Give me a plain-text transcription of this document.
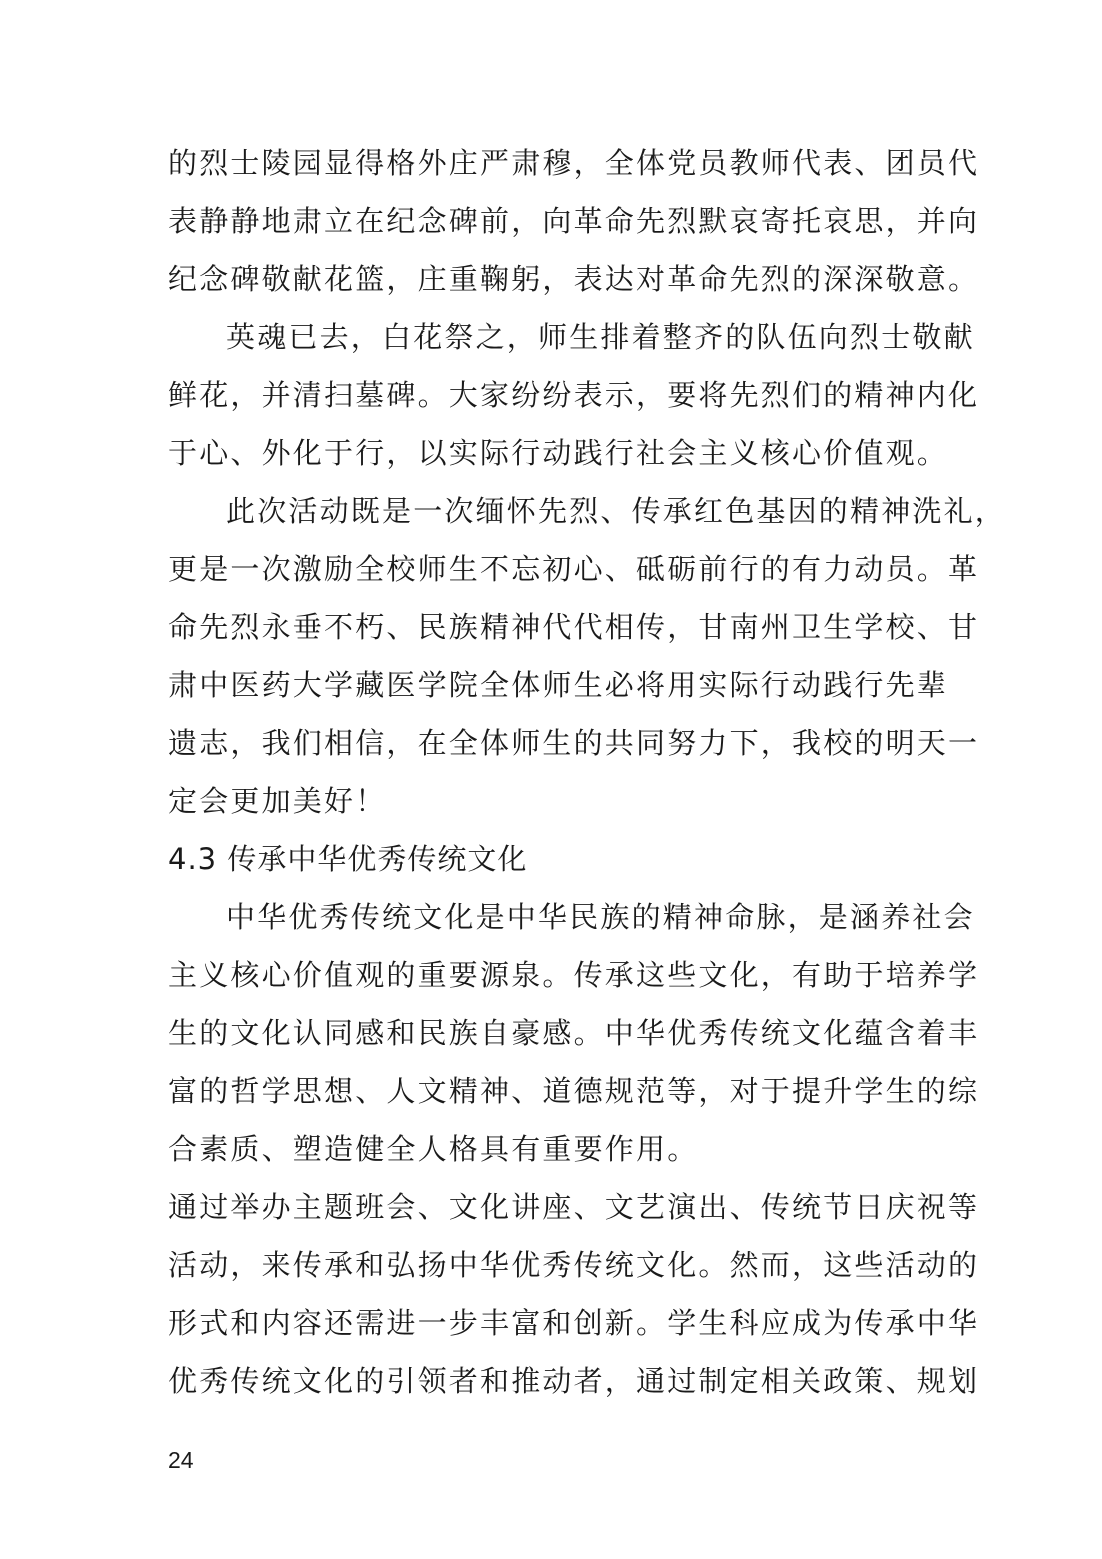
的烈士陵园显得格外庄严肃穆，全体党员教师代表、团员代
表静静地肃立在纪念碑前，向革命先烈默哀寄托哀思，并向
纪念碑敬献花篮，庄重鞠躬，表达对革命先烈的深深敬意。
英魂已去，白花祭之，师生排着整齐的队伍向烈士敬献
鲜花，并清扫墓碑。大家纷纷表示，要将先烈们的精神内化
于心、外化于行，以实际行动践行社会主义核心价值观。
此次活动既是一次缅怀先烈、传承红色基因的精神洗礼，
更是一次激励全校师生不忘初心、砥砺前行的有力动员。革
命先烈永垂不朽、民族精神代代相传，甘南州卫生学校、甘
肃中医药大学藏医学院全体师生必将用实际行动践行先辈
遗志，我们相信，在全体师生的共同努力下，我校的明天一
定会更加美好！
4.3 传承中华优秀传统文化
中华优秀传统文化是中华民族的精神命脉，是涵养社会
主义核心价值观的重要源泉。传承这些文化，有助于培养学
生的文化认同感和民族自豪感。中华优秀传统文化蕴含着丰
富的哲学思想、人文精神、道德规范等，对于提升学生的综
合素质、塑造健全人格具有重要作用。
通过举办主题班会、文化讲座、文艺演出、传统节日庆祝等
活动，来传承和弘扬中华优秀传统文化。然而，这些活动的
形式和内容还需进一步丰富和创新。学生科应成为传承中华
优秀传统文化的引领者和推动者，通过制定相关政策、规划
24
